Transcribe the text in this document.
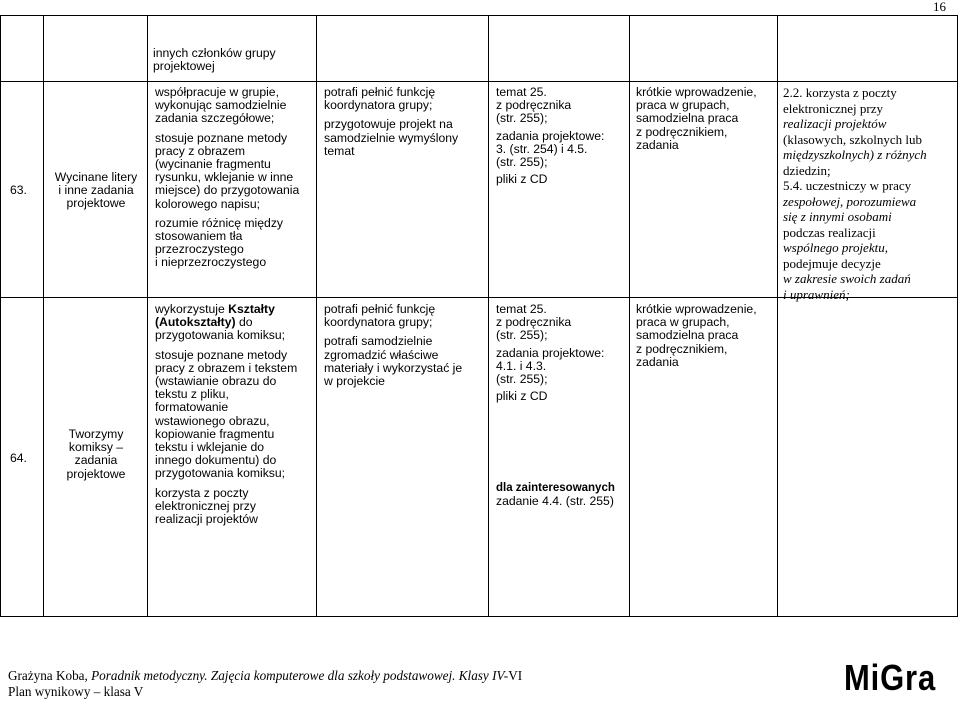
16
innych członków grupy
projektowej
63.
Wycinane litery
i inne zadania
projektowe

współpracuje w grupie,
wykonując samodzielnie
zadania szczegółowe;

stosuje poznane metody
pracy z obrazem
(wycinanie fragmentu
rysunku, wklejanie w inne
miejsce) do przygotowania
kolorowego napisu;

rozumie różnicę między
stosowaniem tła
przezroczystego
i nieprzezroczystego

potrafi pełnić funkcję
koordynatora grupy;

przygotowuje projekt na
samodzielnie wymyślony
temat

temat 25.
z podręcznika
(str. 255);
zadania projektowe:
3. (str. 254) i 4.5.
(str. 255);
pliki z CD
krótkie wprowadzenie,
praca w grupach,
samodzielna praca
z podręcznikiem,
zadania
2.2. korzysta z poczty
elektronicznej przy
realizacji projektów
(klasowych, szkolnych lub
międzyszkolnych) z różnych
dziedzin;
5.4. uczestniczy w pracy
zespołowej, porozumiewa
się z innymi osobami
podczas realizacji
wspólnego projektu,
podejmuje decyzje
w zakresie swoich zadań
i uprawnień;
64.
Tworzymy
komiksy –
zadania
projektowe

wykorzystuje Kształty
(Autokształty) do
przygotowania komiksu;

stosuje poznane metody
pracy z obrazem i tekstem
(wstawianie obrazu do
tekstu z pliku,
formatowanie
wstawionego obrazu,
kopiowanie fragmentu
tekstu i wklejanie do
innego dokumentu) do
przygotowania komiksu;

korzysta z poczty
elektronicznej przy
realizacji projektów

potrafi pełnić funkcję
koordynatora grupy;

potrafi samodzielnie
zgromadzić właściwe
materiały i wykorzystać je
w projekcie

temat 25.
z podręcznika
(str. 255);
zadania projektowe:
4.1. i 4.3.
(str. 255);
pliki z CD
dla zainteresowanych
zadanie 4.4. (str. 255)
krótkie wprowadzenie,
praca w grupach,
samodzielna praca
z podręcznikiem,
zadania
Grażyna Koba, Poradnik metodyczny. Zajęcia komputerowe dla szkoły podstawowej. Klasy IV-VI
Plan wynikowy – klasa V	MiGra
